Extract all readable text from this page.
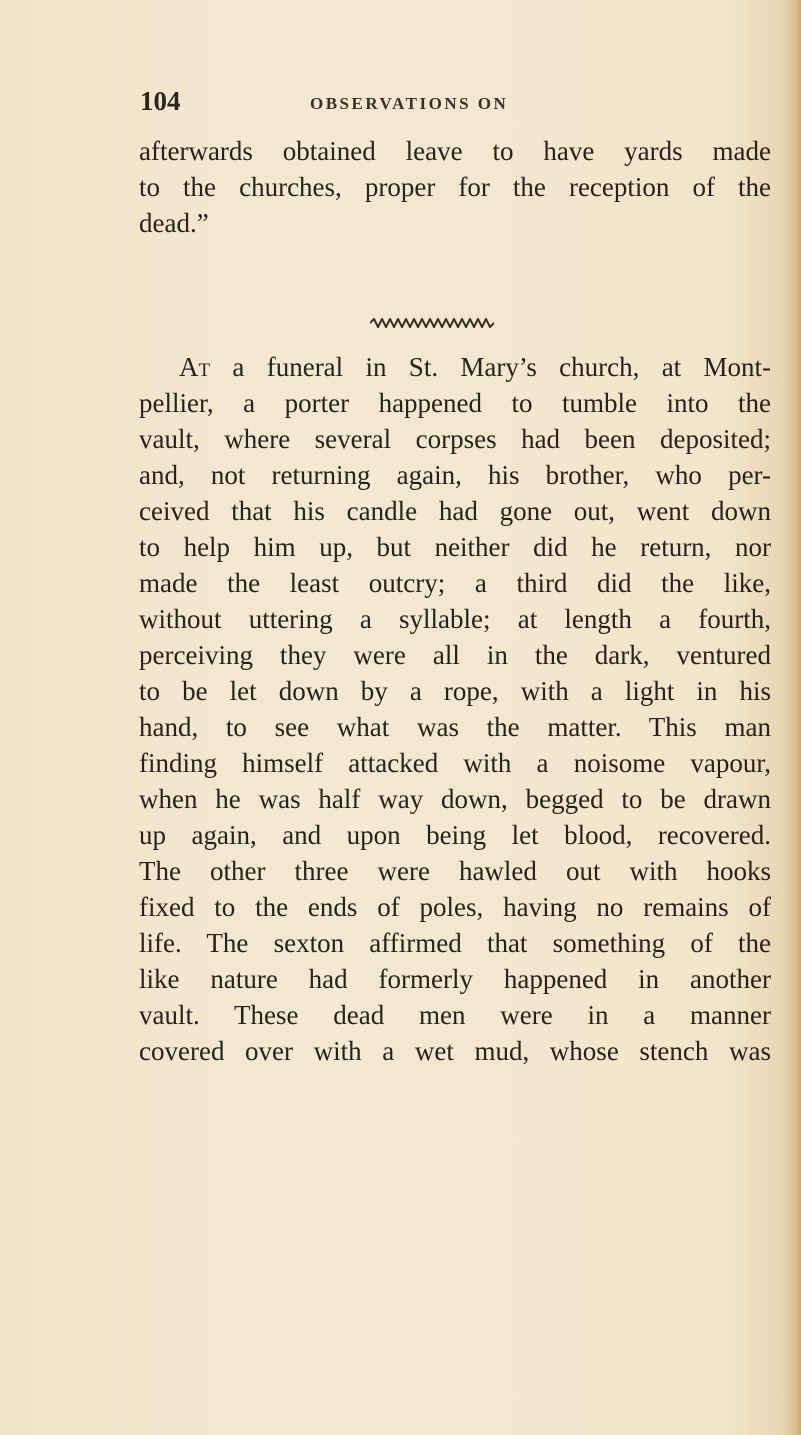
104	OBSERVATIONS ON
afterwards obtained leave to have yards made
to the churches, proper for the reception of the
dead.”
At a funeral in St. Mary’s church, at Mont-
pellier, a porter happened to tumble into the
vault, where several corpses had been deposited;
and, not returning again, his brother, who per-
ceived that his candle had gone out, went down
to help him up, but neither did he return, nor
made the least outcry; a third did the like,
without uttering a syllable; at length a fourth,
perceiving they were all in the dark, ventured
to be let down by a rope, with a light in his
hand, to see what was the matter. This man
finding himself attacked with a noisome vapour,
when he was half way down, begged to be drawn
up again, and upon being let blood, recovered.
The other three were hawled out with hooks
fixed to the ends of poles, having no remains of
life. The sexton affirmed that something of the
like nature had formerly happened in another
vault. These dead men were in a manner
covered over with a wet mud, whose stench was
